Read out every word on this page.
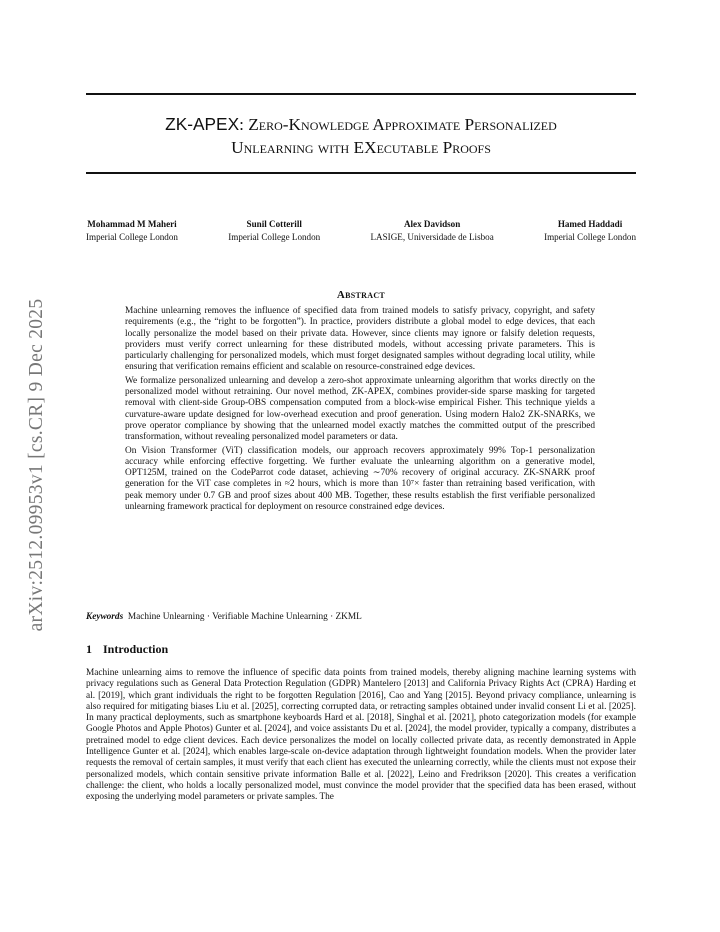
arXiv:2512.09953v1 [cs.CR] 9 Dec 2025
ZK-APEX: Zero-Knowledge Approximate Personalized
Unlearning with EXecutable Proofs
Mohammad M Maheri
Imperial College London
Sunil Cotterill
Imperial College London
Alex Davidson
LASIGE, Universidade de Lisboa
Hamed Haddadi
Imperial College London
Abstract

Machine unlearning removes the influence of specified data from trained models to satisfy privacy, copyright, and safety requirements (e.g., the “right to be forgotten”). In practice, providers distribute a global model to edge devices, that each locally personalize the model based on their private data. However, since clients may ignore or falsify deletion requests, providers must verify correct unlearning for these distributed models, without accessing private parameters. This is particularly challenging for personalized models, which must forget designated samples without degrading local utility, while ensuring that verification remains efficient and scalable on resource-constrained edge devices.

We formalize personalized unlearning and develop a zero-shot approximate unlearning algorithm that works directly on the personalized model without retraining. Our novel method, ZK-APEX, combines provider-side sparse masking for targeted removal with client-side Group-OBS compensation computed from a block-wise empirical Fisher. This technique yields a curvature-aware update designed for low-overhead execution and proof generation. Using modern Halo2 ZK-SNARKs, we prove operator compliance by showing that the unlearned model exactly matches the committed output of the prescribed transformation, without revealing personalized model parameters or data.

On Vision Transformer (ViT) classification models, our approach recovers approximately 99% Top-1 personalization accuracy while enforcing effective forgetting. We further evaluate the unlearning algorithm on a generative model, OPT125M, trained on the CodeParrot code dataset, achieving ∼70% recovery of original accuracy. ZK-SNARK proof generation for the ViT case completes in ≈2 hours, which is more than 10⁷× faster than retraining based verification, with peak memory under 0.7 GB and proof sizes about 400 MB. Together, these results establish the first verifiable personalized unlearning framework practical for deployment on resource constrained edge devices.

Keywords Machine Unlearning · Verifiable Machine Unlearning · ZKML
1 Introduction

Machine unlearning aims to remove the influence of specific data points from trained models, thereby aligning machine learning systems with privacy regulations such as General Data Protection Regulation (GDPR) Mantelero [2013] and California Privacy Rights Act (CPRA) Harding et al. [2019], which grant individuals the right to be forgotten Regulation [2016], Cao and Yang [2015]. Beyond privacy compliance, unlearning is also required for mitigating biases Liu et al. [2025], correcting corrupted data, or retracting samples obtained under invalid consent Li et al. [2025]. In many practical deployments, such as smartphone keyboards Hard et al. [2018], Singhal et al. [2021], photo categorization models (for example Google Photos and Apple Photos) Gunter et al. [2024], and voice assistants Du et al. [2024], the model provider, typically a company, distributes a pretrained model to edge client devices. Each device personalizes the model on locally collected private data, as recently demonstrated in Apple Intelligence Gunter et al. [2024], which enables large-scale on-device adaptation through lightweight foundation models. When the provider later requests the removal of certain samples, it must verify that each client has executed the unlearning correctly, while the clients must not expose their personalized models, which contain sensitive private information Balle et al. [2022], Leino and Fredrikson [2020]. This creates a verification challenge: the client, who holds a locally personalized model, must convince the model provider that the specified data has been erased, without exposing the underlying model parameters or private samples. The
